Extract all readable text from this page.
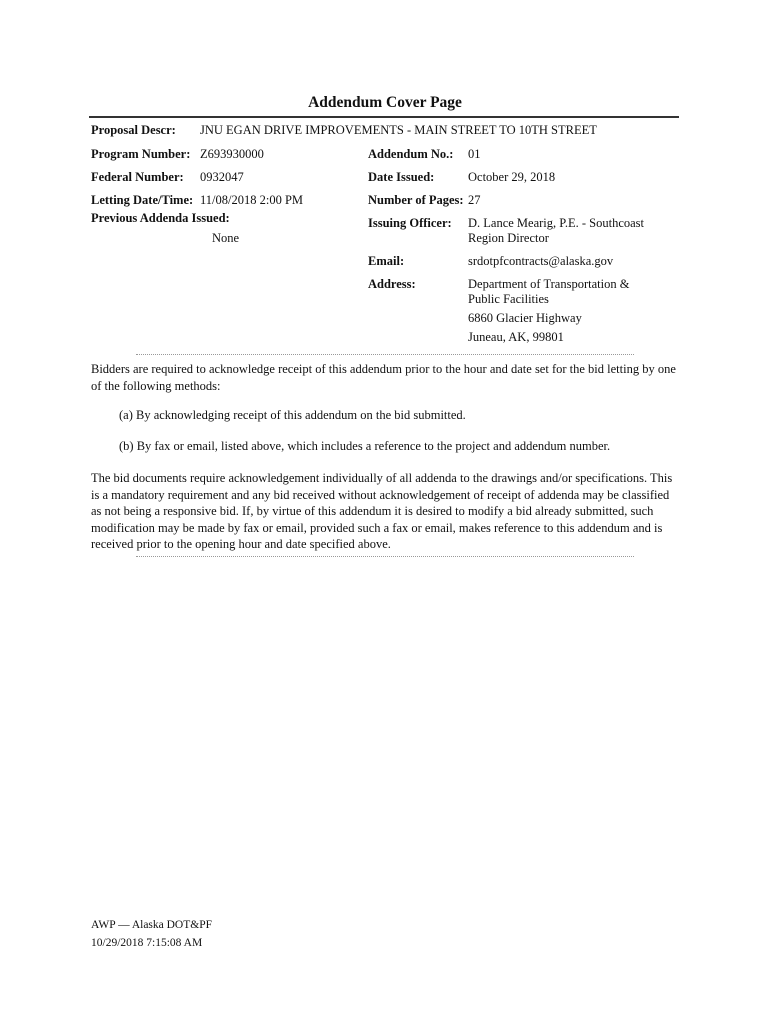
Addendum Cover Page
Proposal Descr: JNU EGAN DRIVE IMPROVEMENTS - MAIN STREET TO 10TH STREET
Program Number: Z693930000	Addendum No.: 01
Federal Number: 0932047	Date Issued:	October 29, 2018
Letting Date/Time: 11/08/2018 2:00 PM	Number of Pages: 27
Previous Addenda Issued:
None
Issuing Officer: D. Lance Mearig, P.E. - Southcoast
Region Director
Email:	srdotpfcontracts@alaska.gov
Address:	Department of Transportation &
Public Facilities
6860 Glacier Highway
Juneau, AK, 99801
Bidders are required to acknowledge receipt of this addendum prior to the hour and date set for the bid letting by one of the following methods:
(a) By acknowledging receipt of this addendum on the bid submitted.
(b) By fax or email, listed above, which includes a reference to the project and addendum number.
The bid documents require acknowledgement individually of all addenda to the drawings and/or specifications. This is a mandatory requirement and any bid received without acknowledgement of receipt of addenda may be classified as not being a responsive bid. If, by virtue of this addendum it is desired to modify a bid already submitted, such modification may be made by fax or email, provided such a fax or email, makes reference to this addendum and is received prior to the opening hour and date specified above.
AWP — Alaska DOT&PF
10/29/2018 7:15:08 AM
